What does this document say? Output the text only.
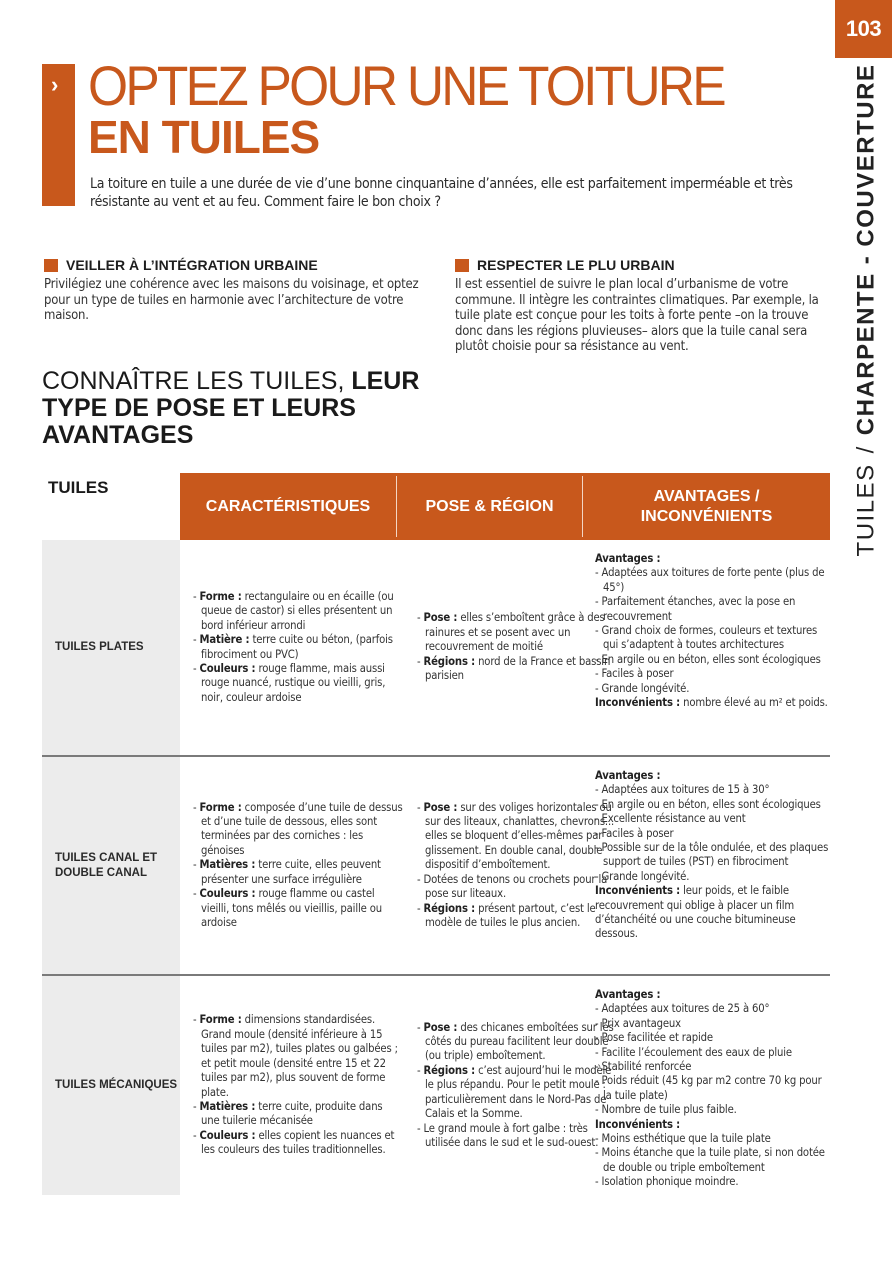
103
TUILES/CHARPENTE - COUVERTURE
› OPTEZ POUR UNE TOITURE
EN TUILES
La toiture en tuile a une durée de vie d’une bonne cinquantaine d’années, elle est parfaitement imperméable et très résistante au vent et au feu. Comment faire le bon choix ?
VEILLER À L’INTÉGRATION URBAINE
Privilégiez une cohérence avec les maisons du voisinage, et optez pour un type de tuiles en harmonie avec l’architecture de votre maison.
RESPECTER LE PLU URBAIN
Il est essentiel de suivre le plan local d’urbanisme de votre commune. Il intègre les contraintes climatiques. Par exemple, la tuile plate est conçue pour les toits à forte pente –on la trouve donc dans les régions pluvieuses– alors que la tuile canal sera plutôt choisie pour sa résistance au vent.
CONNAÎTRE LES TUILES, LEUR TYPE DE POSE ET LEURS AVANTAGES
TUILES
CARACTÉRISTIQUES	POSE & RÉGION
AVANTAGES / INCONVÉNIENTS
TUILES PLATES
- Forme : rectangulaire ou en écaille (ou queue de castor) si elles présentent un bord inférieur arrondi
- Matière : terre cuite ou béton, (parfois fibrociment ou PVC)
- Couleurs : rouge flamme, mais aussi rouge nuancé, rustique ou vieilli, gris, noir, couleur ardoise
- Pose : elles s’emboîtent grâce à des rainures et se posent avec un recouvrement de moitié
- Régions : nord de la France et bassin parisien
Avantages :
- Adaptées aux toitures de forte pente (plus de 45°)
- Parfaitement étanches, avec la pose en recouvrement
- Grand choix de formes, couleurs et textures qui s’adaptent à toutes architectures
- En argile ou en béton, elles sont écologiques
- Faciles à poser
- Grande longévité.
Inconvénients : nombre élevé au m² et poids.
TUILES CANAL ET DOUBLE CANAL
- Forme : composée d’une tuile de dessus et d’une tuile de dessous, elles sont terminées par des corniches : les génoises
- Matières : terre cuite, elles peuvent présenter une surface irrégulière
- Couleurs : rouge flamme ou castel vieilli, tons mêlés ou vieillis, paille ou ardoise
- Pose : sur des voliges horizontales ou sur des liteaux, chanlattes, chevrons... elles se bloquent d’elles-mêmes par glissement. En double canal, double dispositif d’emboîtement.
- Dotées de tenons ou crochets pour la pose sur liteaux.
- Régions : présent partout, c’est le modèle de tuiles le plus ancien.
Avantages :
- Adaptées aux toitures de 15 à 30°
- En argile ou en béton, elles sont écologiques
- Excellente résistance au vent
- Faciles à poser
- Possible sur de la tôle ondulée, et des plaques support de tuiles (PST) en fibrociment
- Grande longévité.
Inconvénients : leur poids, et le faible recouvrement qui oblige à placer un film d’étanchéité ou une couche bitumineuse dessous.
TUILES MÉCANIQUES
- Forme : dimensions standardisées. Grand moule (densité inférieure à 15 tuiles par m2), tuiles plates ou galbées ; et petit moule (densité entre 15 et 22 tuiles par m2), plus souvent de forme plate.
- Matières : terre cuite, produite dans une tuilerie mécanisée
- Couleurs : elles copient les nuances et les couleurs des tuiles traditionnelles.
- Pose : des chicanes emboîtées sur les côtés du pureau facilitent leur double (ou triple) emboîtement.
- Régions : c’est aujourd’hui le modèle le plus répandu. Pour le petit moule : particulièrement dans le Nord-Pas de Calais et la Somme.
- Le grand moule à fort galbe : très utilisée dans le sud et le sud-ouest.
Avantages :
- Adaptées aux toitures de 25 à 60°
- Prix avantageux
- Pose facilitée et rapide
- Facilite l’écoulement des eaux de pluie
- Stabilité renforcée
- Poids réduit (45 kg par m2 contre 70 kg pour la tuile plate)
- Nombre de tuile plus faible.
Inconvénients :
- Moins esthétique que la tuile plate
- Moins étanche que la tuile plate, si non dotée de double ou triple emboîtement
- Isolation phonique moindre.
